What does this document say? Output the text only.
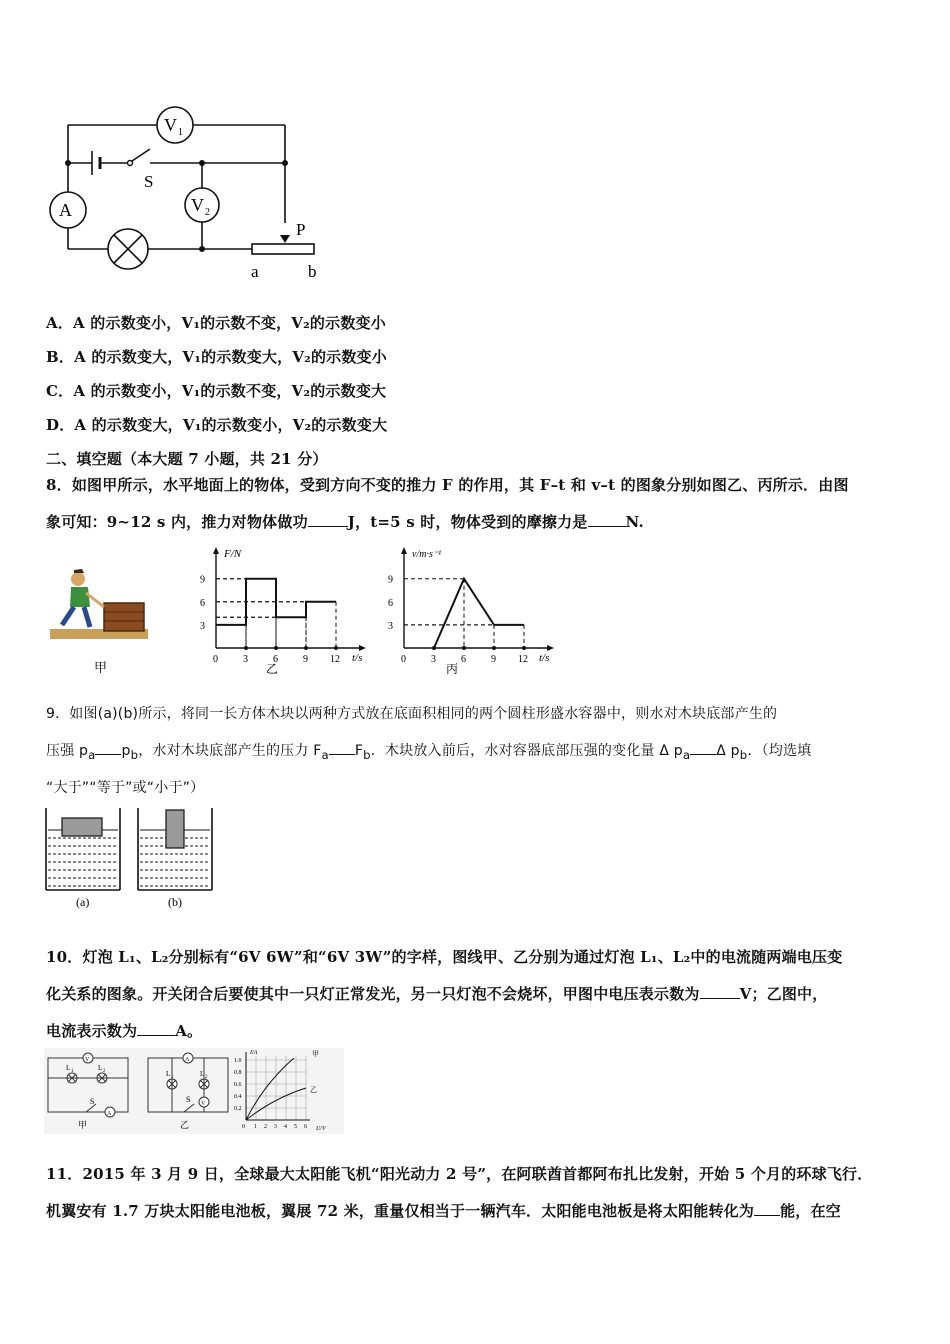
V 1
V 2
A
S
P
a	b
A．A 的示数变小，V₁的示数不变，V₂的示数变小
B．A 的示数变大，V₁的示数变大，V₂的示数变小
C．A 的示数变小，V₁的示数不变，V₂的示数变大
D．A 的示数变大，V₁的示数变小，V₂的示数变大
二、填空题（本大题 7 小题，共 21 分）
8．如图甲所示，水平地面上的物体，受到方向不变的推力 F 的作用，其 F–t 和 v–t 的图象分别如图乙、丙所示．由图
象可知：9~12 s 内，推力对物体做功	J，t=5 s 时，物体受到的摩擦力是	N.
甲
F/N
t/s
9
6
3
0	3	6	9 12
乙
v/m·s⁻¹
t/s
9
6
3
0	3	6	9 12
丙
9．如图(a)(b)所示，将同一长方体木块以两种方式放在底面积相同的两个圆柱形盛水容器中，则水对木块底部产生的
压强 $p_a$ $p_b$，水对木块底部产生的压力 $F_a$ $F_b$．木块放入前后，水对容器底部压强的变化量 Δ $p_a$ Δ $p_b$．（均选填
“大于”“等于”或“小于”）
(a)	(b)
10．灯泡 L₁、L₂分别标有“6V 6W”和“6V 3W”的字样，图线甲、乙分别为通过灯泡 L₁、L₂中的电流随两端电压变
化关系的图象。开关闭合后要使其中一只灯正常发光，另一只灯泡不会烧坏，甲图中电压表示数为	V；乙图中，
电流表示数为	A。
V
A
L 1	L 2
S
甲
A
V
L 1	L 2
S
乙
I/A
U/V
甲
乙
1.0
0.8
0.6
0.4
0.2
0 1 2 3 4 5 6
11．2015 年 3 月 9 日，全球最大太阳能飞机“阳光动力 2 号”，在阿联酋首都阿布扎比发射，开始 5 个月的环球飞行．
机翼安有 1.7 万块太阳能电池板，翼展 72 米，重量仅相当于一辆汽车．太阳能电池板是将太阳能转化为 能，在空
